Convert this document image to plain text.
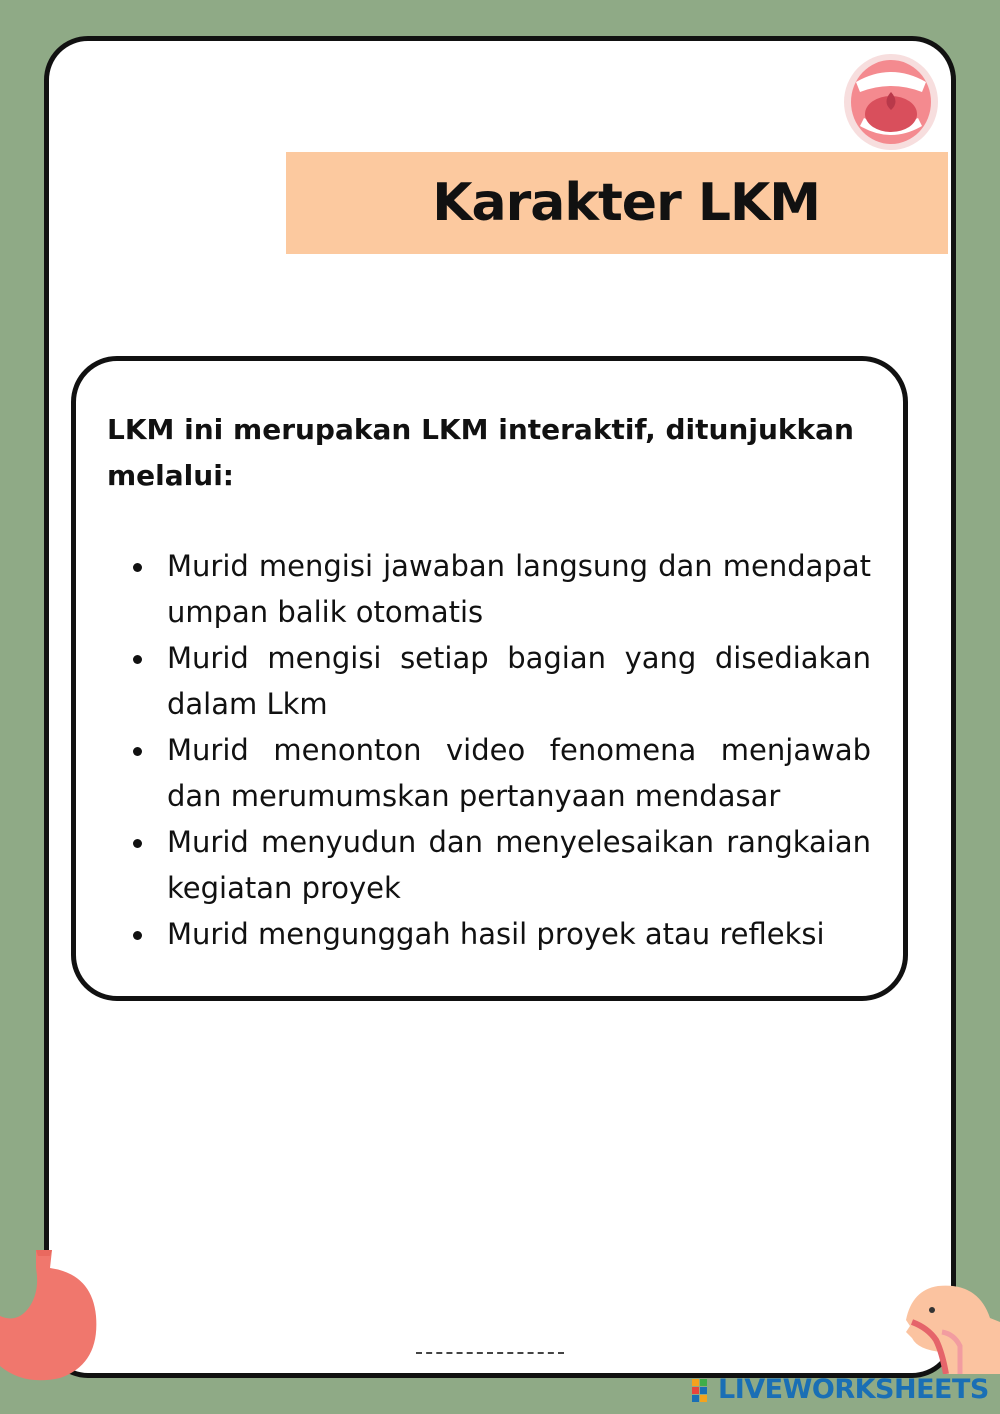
Karakter LKM

LKM ini merupakan LKM interaktif, ditunjukkan melalui:

Murid mengisi jawaban langsung dan mendapat umpan balik otomatis
Murid mengisi setiap bagian yang disediakan dalam Lkm
Murid menonton video fenomena menjawab dan merumumskan pertanyaan mendasar
Murid menyudun dan menyelesaikan rangkaian kegiatan proyek
Murid mengunggah hasil proyek atau refleksi
LIVEWORKSHEETS
